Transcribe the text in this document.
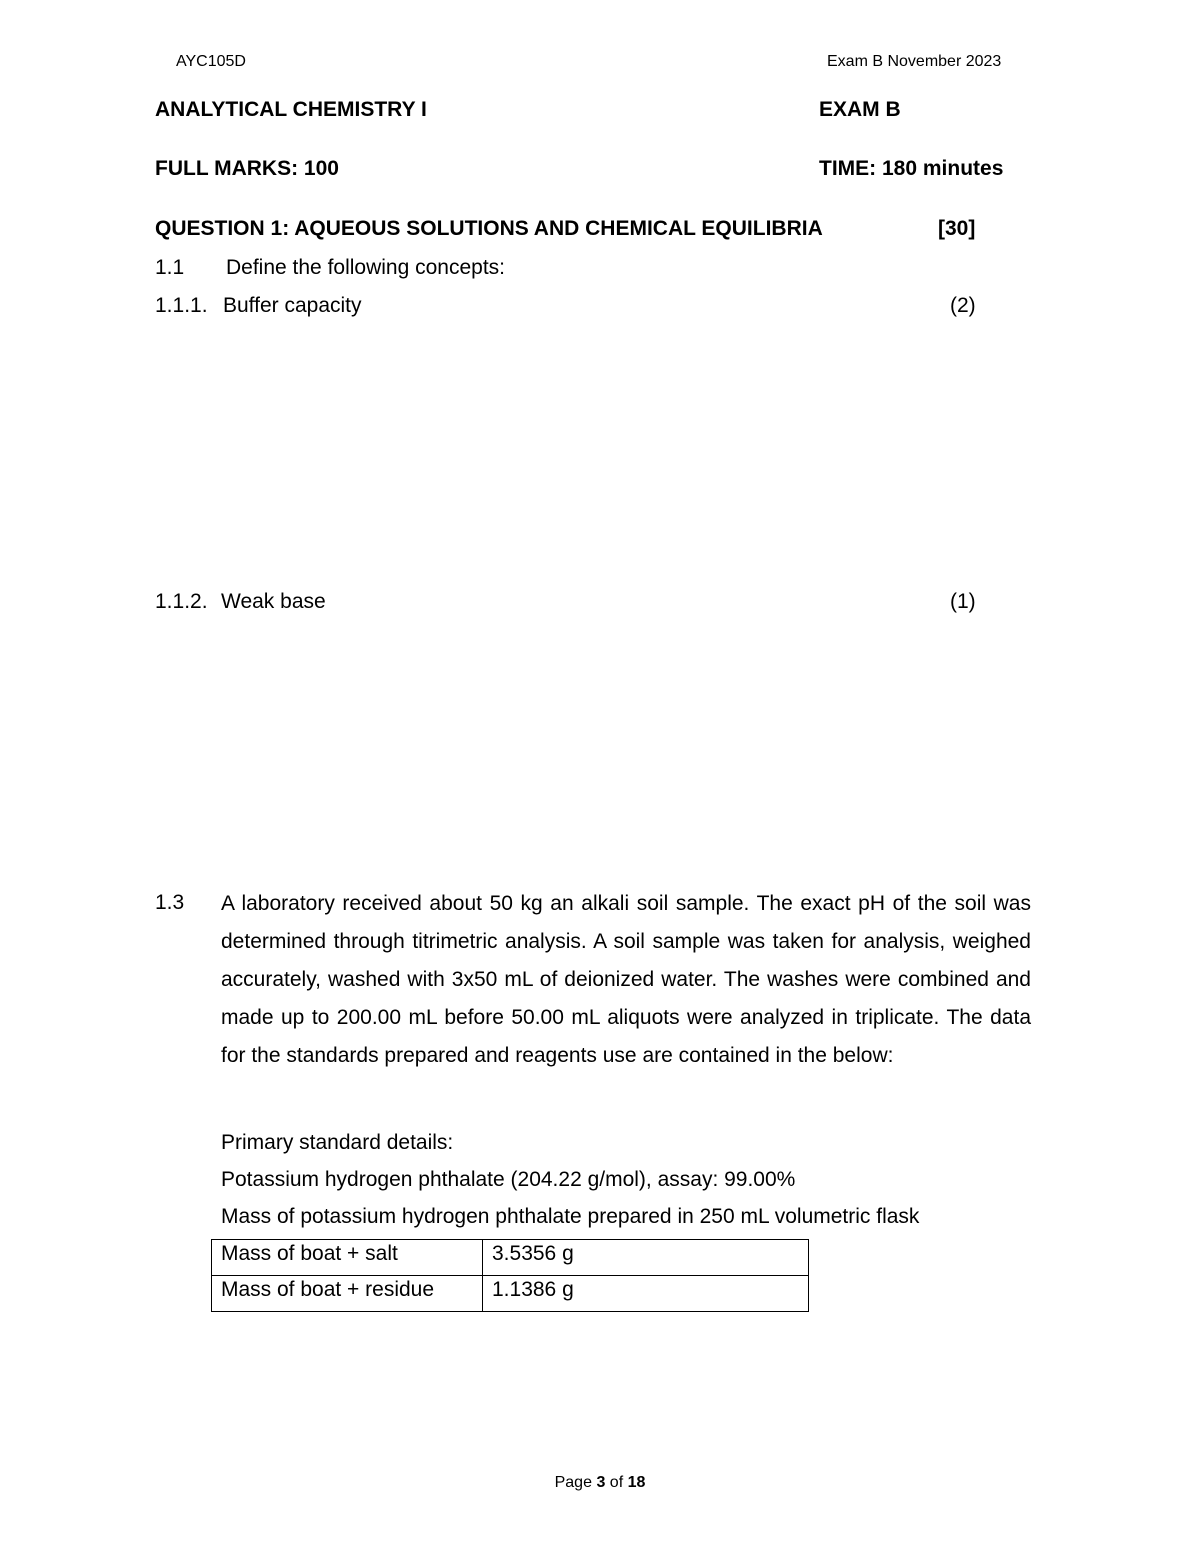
AYC105D	Exam B November 2023
ANALYTICAL CHEMISTRY I	EXAM B
FULL MARKS: 100	TIME: 180 minutes
QUESTION 1: AQUEOUS SOLUTIONS AND CHEMICAL EQUILIBRIA	[30]
1.1 Define the following concepts:
1.1.1. Buffer capacity	(2)
1.1.2. Weak base	(1)
1.3 A laboratory received about 50 kg an alkali soil sample. The exact pH of the soil was determined through titrimetric analysis. A soil sample was taken for analysis, weighed accurately, washed with 3x50 mL of deionized water. The washes were combined and made up to 200.00 mL before 50.00 mL aliquots were analyzed in triplicate. The data for the standards prepared and reagents use are contained in the below:
Primary standard details:
Potassium hydrogen phthalate (204.22 g/mol), assay: 99.00%
Mass of potassium hydrogen phthalate prepared in 250 mL volumetric flask
Mass of boat + salt	3.5356 g
Mass of boat + residue	1.1386 g
Page 3 of 18
